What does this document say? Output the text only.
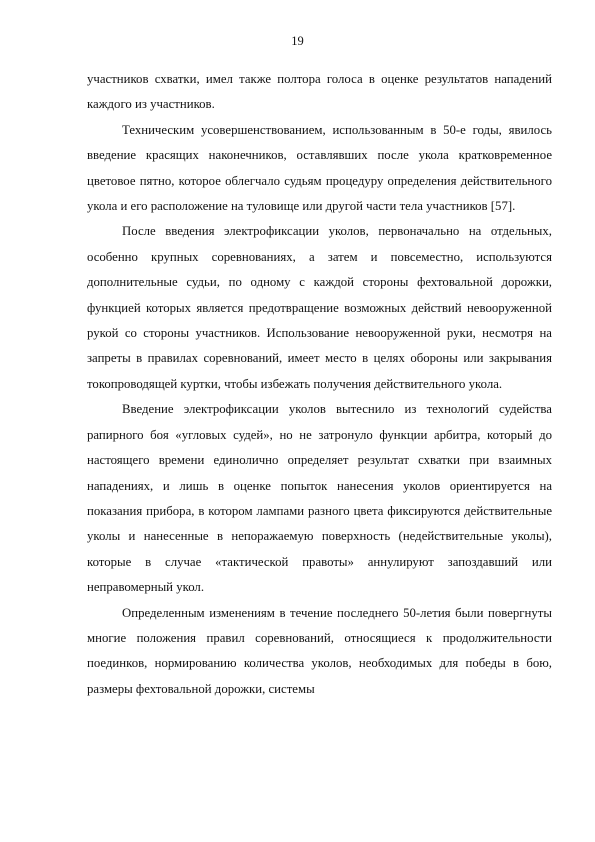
19

участников схватки, имел также полтора голоса в оценке результатов нападений каждого из участников.

Техническим усовершенствованием, использованным в 50-е годы, явилось введение красящих наконечников, оставлявших после укола кратковременное цветовое пятно, которое облегчало судьям процедуру определения действительного укола и его расположение на туловище или другой части тела участников [57].

После введения электрофиксации уколов, первоначально на отдельных, особенно крупных соревнованиях, а затем и повсеместно, используются дополнительные судьи, по одному с каждой стороны фехтовальной дорожки, функцией которых является предотвращение возможных действий невооруженной рукой со стороны участников. Использование невооруженной руки, несмотря на запреты в правилах соревнований, имеет место в целях обороны или закрывания токопроводящей куртки, чтобы избежать получения действительного укола.

Введение электрофиксации уколов вытеснило из технологий судейства рапирного боя «угловых судей», но не затронуло функции арбитра, который до настоящего времени единолично определяет результат схватки при взаимных нападениях, и лишь в оценке попыток нанесения уколов ориентируется на показания прибора, в котором лампами разного цвета фиксируются действительные уколы и нанесенные в непоражаемую поверхность (недействительные уколы), которые в случае «тактической правоты» аннулируют запоздавший или неправомерный укол.

Определенным изменениям в течение последнего 50-летия были повергнуты многие положения правил соревнований, относящиеся к продолжительности поединков, нормированию количества уколов, необходимых для победы в бою, размеры фехтовальной дорожки, системы
